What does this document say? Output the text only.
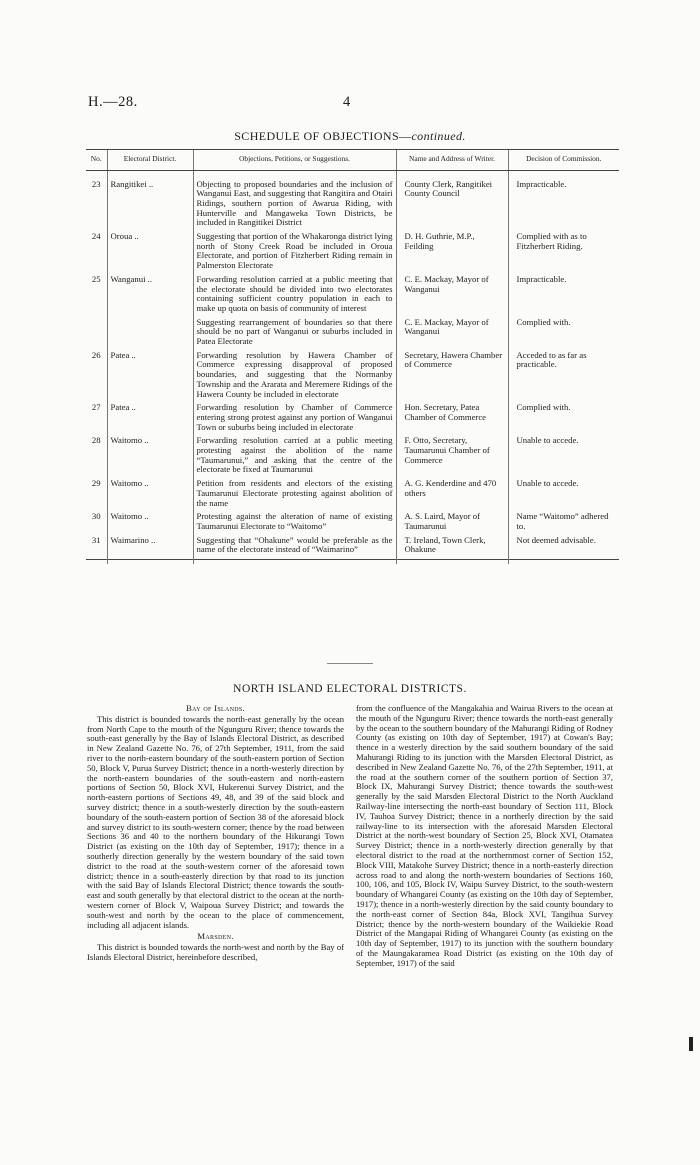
H.—28.	4
SCHEDULE OF OBJECTIONS—continued.
No.	Electoral District.	Objections, Petitions, or Suggestions.	Name and Address of Writer.	Decision of Commission.
23	Rangitikei ..	Objecting to proposed boundaries and the inclusion of Wanganui East, and suggesting that Rangitira and Otairi Ridings, southern portion of Awarua Riding, with Hunterville and Mangaweka Town Districts, be included in Rangitikei District	County Clerk, Rangitikei County Council	Impracticable.
24	Oroua ..	Suggesting that portion of the Whakaronga district lying north of Stony Creek Road be included in Oroua Electorate, and portion of Fitzherbert Riding remain in Palmerston Electorate	D. H. Guthrie, M.P., Feilding	Complied with as to Fitzherbert Riding.
25	Wanganui ..	Forwarding resolution carried at a public meeting that the electorate should be divided into two electorates containing sufficient country population in each to make up quota on basis of community of interest	C. E. Mackay, Mayor of Wanganui	Impracticable.
		Suggesting rearrangement of boundaries so that there should be no part of Wanganui or suburbs included in Patea Electorate	C. E. Mackay, Mayor of Wanganui	Complied with.
26	Patea ..	Forwarding resolution by Hawera Chamber of Commerce expressing disapproval of proposed boundaries, and suggesting that the Normanby Township and the Ararata and Meremere Ridings of the Hawera County be included in electorate	Secretary, Hawera Chamber of Commerce	Acceded to as far as practicable.
27	Patea ..	Forwarding resolution by Chamber of Commerce entering strong protest against any portion of Wanganui Town or suburbs being included in electorate	Hon. Secretary, Patea Chamber of Commerce	Complied with.
28	Waitomo ..	Forwarding resolution carried at a public meeting protesting against the abolition of the name “Taumarunui,” and asking that the centre of the electorate be fixed at Taumarunui	F. Otto, Secretary, Taumarunui Chamber of Commerce	Unable to accede.
29	Waitomo ..	Petition from residents and electors of the existing Taumarunui Electorate protesting against abolition of the name	A. G. Kenderdine and 470 others	Unable to accede.
30	Waitomo ..	Protesting against the alteration of name of existing Taumarunui Electorate to “Waitomo”	A. S. Laird, Mayor of Taumarunui	Name “Waitomo” adhered to.
31	Waimarino ..	Suggesting that “Ohakune” would be preferable as the name of the electorate instead of “Waimarino”	T. Ireland, Town Clerk, Ohakune	Not deemed advisable.

NORTH ISLAND ELECTORAL DISTRICTS.

Bay of Islands.

This district is bounded towards the north-east generally by the ocean from North Cape to the mouth of the Ngunguru River; thence towards the south-east generally by the Bay of Islands Electoral District, as described in New Zealand Gazette No. 76, of 27th September, 1911, from the said river to the north-eastern boundary of the south-eastern portion of Section 50, Block V, Purua Survey District; thence in a north-westerly direction by the north-eastern boundaries of the south-eastern and north-eastern portions of Section 50, Block XVI, Hukerenui Survey District, and the north-eastern portions of Sections 49, 48, and 39 of the said block and survey district; thence in a south-westerly direction by the south-eastern boundary of the south-eastern portion of Section 38 of the aforesaid block and survey district to its south-western corner; thence by the road between Sections 36 and 40 to the northern boundary of the Hikurangi Town District (as existing on the 10th day of September, 1917); thence in a southerly direction generally by the western boundary of the said town district to the road at the south-western corner of the aforesaid town district; thence in a south-easterly direction by that road to its junction with the said Bay of Islands Electoral District; thence towards the south-east and south generally by that electoral district to the ocean at the north-western corner of Block V, Waipoua Survey District; and towards the south-west and north by the ocean to the place of commencement, including all adjacent islands.

Marsden.

This district is bounded towards the north-west and north by the Bay of Islands Electoral District, hereinbefore described,

from the confluence of the Mangakahia and Wairua Rivers to the ocean at the mouth of the Ngunguru River; thence towards the north-east generally by the ocean to the southern boundary of the Mahurangi Riding of Rodney County (as existing on 10th day of September, 1917) at Cowan's Bay; thence in a westerly direction by the said southern boundary of the said Mahurangi Riding to its junction with the Marsden Electoral District, as described in New Zealand Gazette No. 76, of the 27th September, 1911, at the road at the southern corner of the southern portion of Section 37, Block IX, Mahurangi Survey District; thence towards the south-west generally by the said Marsden Electoral District to the North Auckland Railway-line intersecting the north-east boundary of Section 111, Block IV, Tauhoa Survey District; thence in a northerly direction by the said railway-line to its intersection with the aforesaid Marsden Electoral District at the north-west boundary of Section 25, Block XVI, Otamatea Survey District; thence in a north-westerly direction generally by that electoral district to the road at the northernmost corner of Section 152, Block VIII, Matakohe Survey District; thence in a north-easterly direction across road to and along the north-western boundaries of Sections 160, 100, 106, and 105, Block IV, Waipu Survey District, to the south-western boundary of Whangarei County (as existing on the 10th day of September, 1917); thence in a north-westerly direction by the said county boundary to the north-east corner of Section 84a, Block XVI, Tangihua Survey District; thence by the north-western boundary of the Waikiekie Road District of the Mangapai Riding of Whangarei County (as existing on the 10th day of September, 1917) to its junction with the southern boundary of the Maungakaramea Road District (as existing on the 10th day of September, 1917) of the said
